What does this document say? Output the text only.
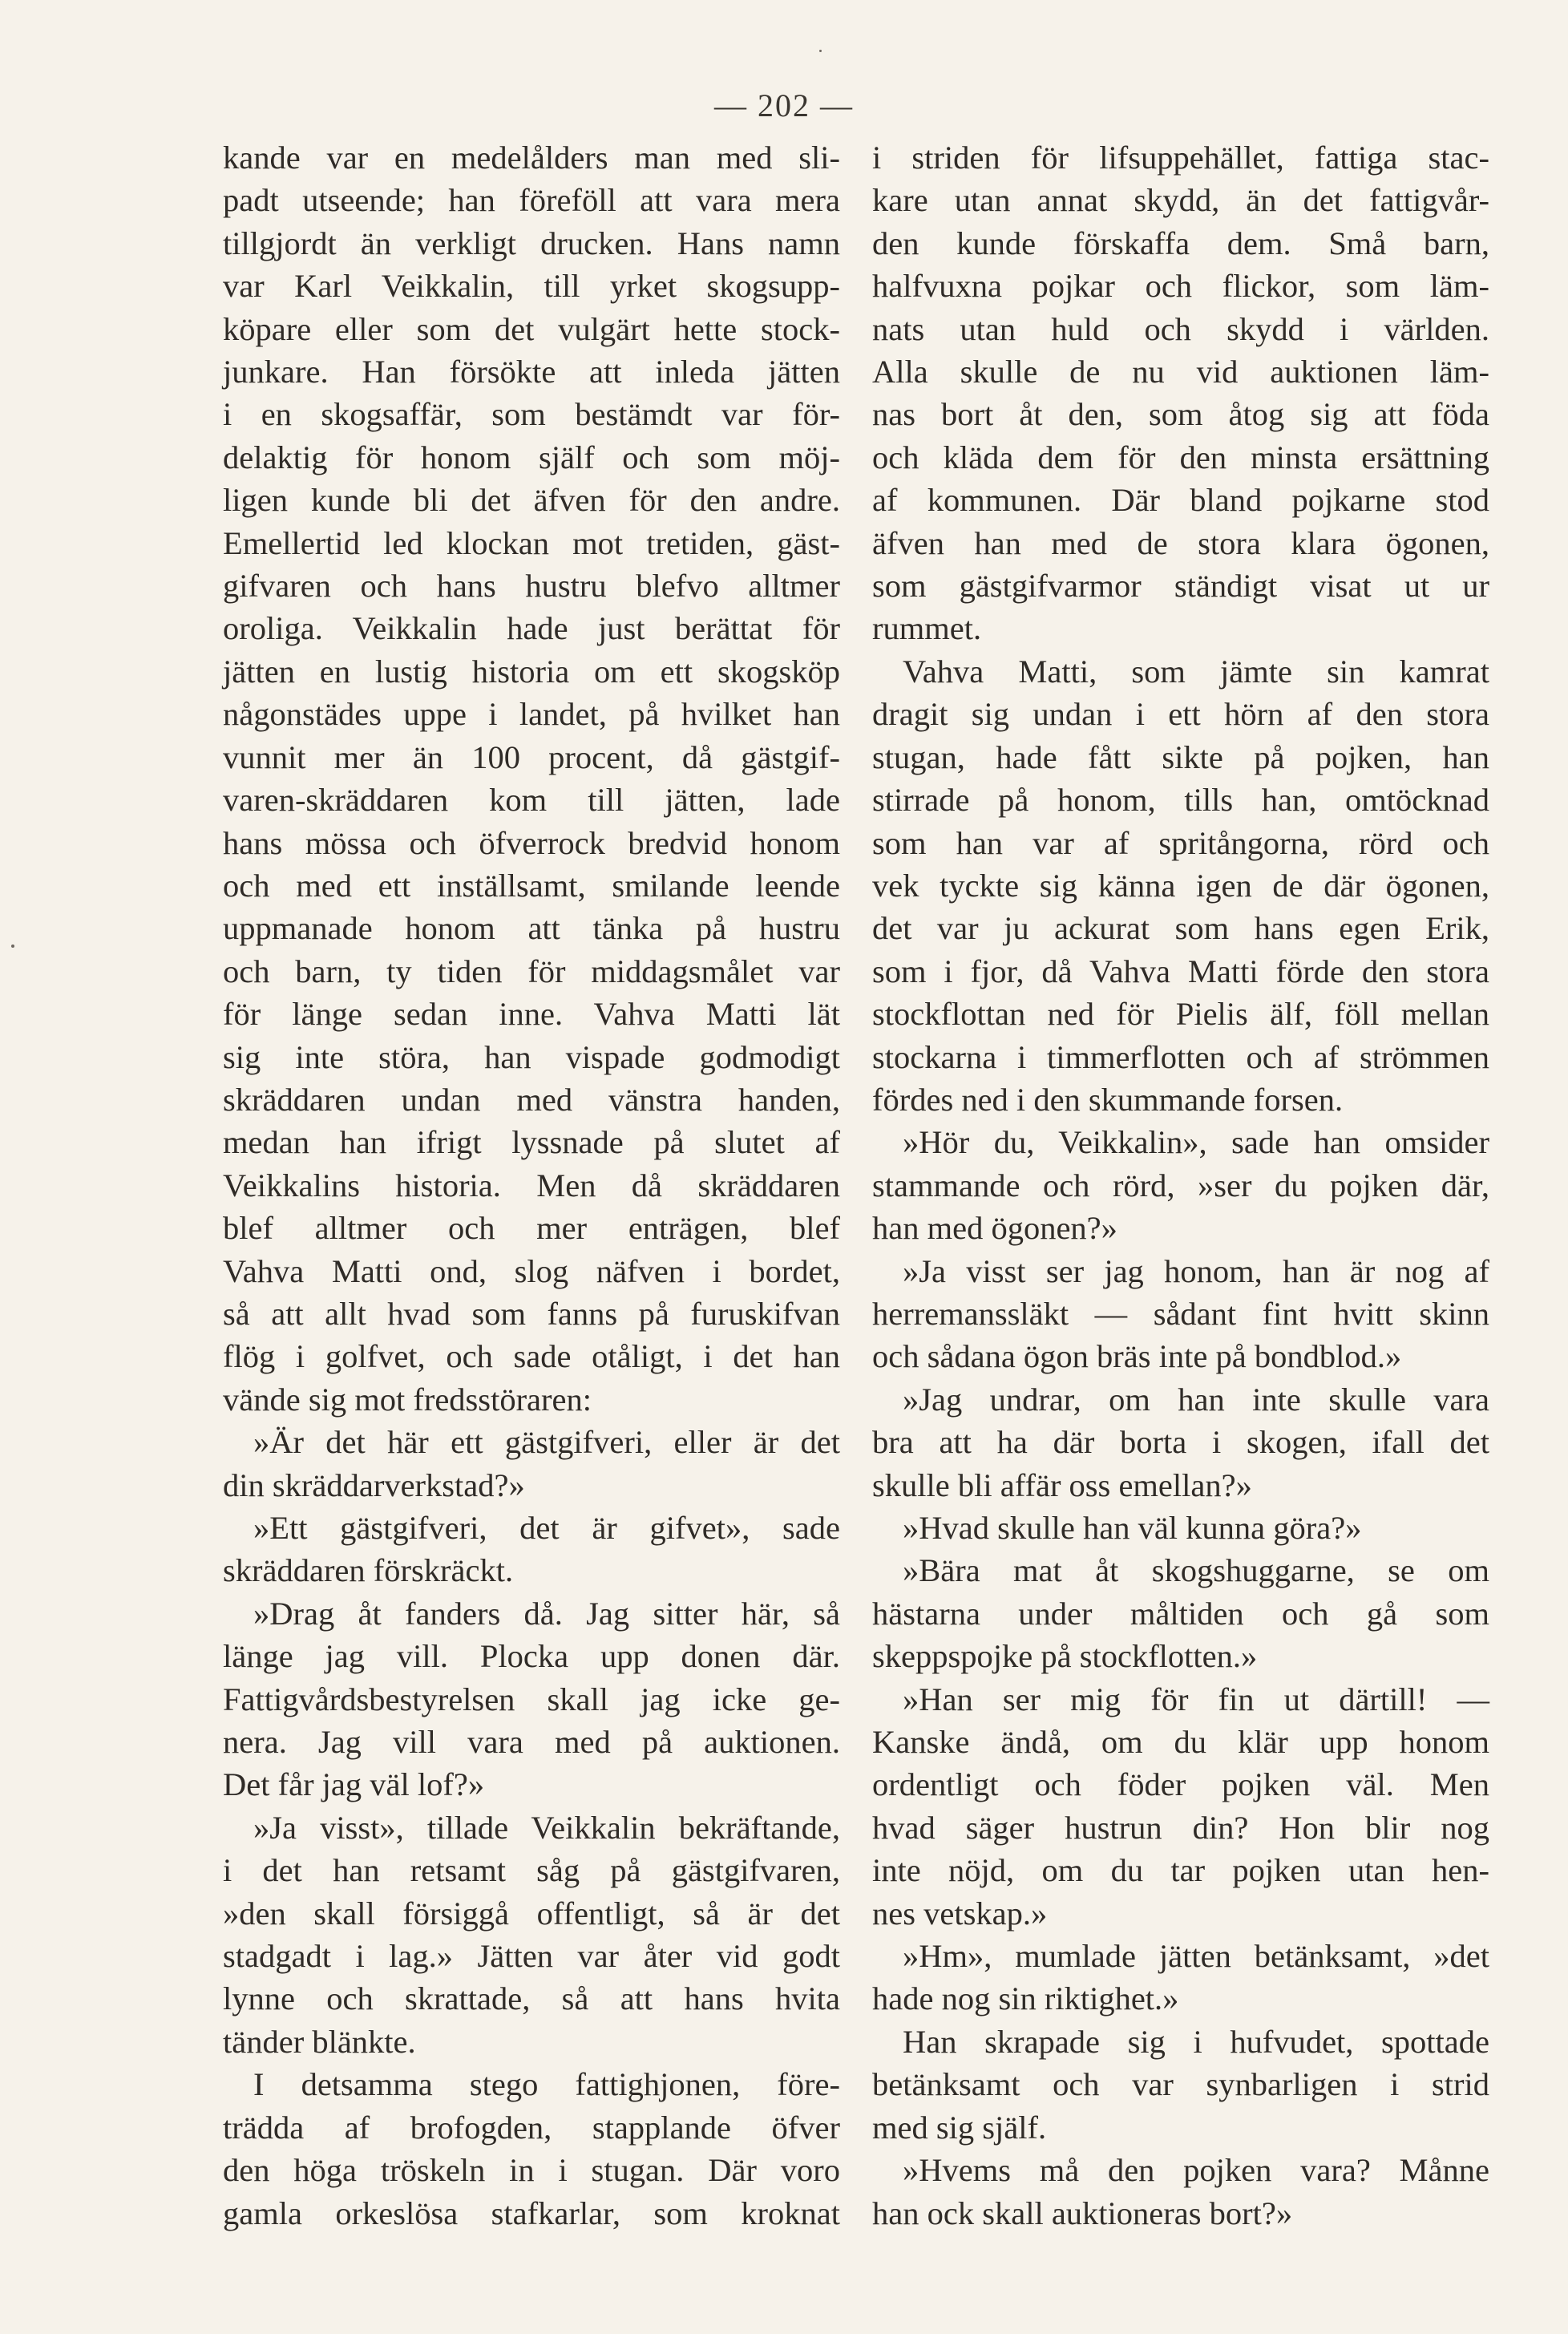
— 202 —
kande var en medelålders man med sli-
padt utseende; han föreföll att vara mera
tillgjordt än verkligt drucken. Hans namn
var Karl Veikkalin, till yrket skogsupp-
köpare eller som det vulgärt hette stock-
junkare. Han försökte att inleda jätten
i en skogsaffär, som bestämdt var för-
delaktig för honom själf och som möj-
ligen kunde bli det äfven för den andre.
Emellertid led klockan mot tretiden, gäst-
gifvaren och hans hustru blefvo alltmer
oroliga. Veikkalin hade just berättat för
jätten en lustig historia om ett skogsköp
någonstädes uppe i landet, på hvilket han
vunnit mer än 100 procent, då gästgif-
varen-skräddaren kom till jätten, lade
hans mössa och öfverrock bredvid honom
och med ett inställsamt, smilande leende
uppmanade honom att tänka på hustru
och barn, ty tiden för middagsmålet var
för länge sedan inne. Vahva Matti lät
sig inte störa, han vispade godmodigt
skräddaren undan med vänstra handen,
medan han ifrigt lyssnade på slutet af
Veikkalins historia. Men då skräddaren
blef alltmer och mer enträgen, blef
Vahva Matti ond, slog näfven i bordet,
så att allt hvad som fanns på furuskifvan
flög i golfvet, och sade otåligt, i det han
vände sig mot fredsstöraren:
»Är det här ett gästgifveri, eller är det
din skräddarverkstad?»
»Ett gästgifveri, det är gifvet», sade
skräddaren förskräckt.
»Drag åt fanders då. Jag sitter här, så
länge jag vill. Plocka upp donen där.
Fattigvårdsbestyrelsen skall jag icke ge-
nera. Jag vill vara med på auktionen.
Det får jag väl lof?»
»Ja visst», tillade Veikkalin bekräftande,
i det han retsamt såg på gästgifvaren,
»den skall försiggå offentligt, så är det
stadgadt i lag.» Jätten var åter vid godt
lynne och skrattade, så att hans hvita
tänder blänkte.
I detsamma stego fattighjonen, före-
trädda af brofogden, stapplande öfver
den höga tröskeln in i stugan. Där voro
gamla orkeslösa stafkarlar, som kroknat
i striden för lifsuppehället, fattiga stac-
kare utan annat skydd, än det fattigvår-
den kunde förskaffa dem. Små barn,
halfvuxna pojkar och flickor, som läm-
nats utan huld och skydd i världen.
Alla skulle de nu vid auktionen läm-
nas bort åt den, som åtog sig att föda
och kläda dem för den minsta ersättning
af kommunen. Där bland pojkarne stod
äfven han med de stora klara ögonen,
som gästgifvarmor ständigt visat ut ur
rummet.
Vahva Matti, som jämte sin kamrat
dragit sig undan i ett hörn af den stora
stugan, hade fått sikte på pojken, han
stirrade på honom, tills han, omtöcknad
som han var af spritångorna, rörd och
vek tyckte sig känna igen de där ögonen,
det var ju ackurat som hans egen Erik,
som i fjor, då Vahva Matti förde den stora
stockflottan ned för Pielis älf, föll mellan
stockarna i timmerflotten och af strömmen
fördes ned i den skummande forsen.
»Hör du, Veikkalin», sade han omsider
stammande och rörd, »ser du pojken där,
han med ögonen?»
»Ja visst ser jag honom, han är nog af
herremanssläkt — sådant fint hvitt skinn
och sådana ögon bräs inte på bondblod.»
»Jag undrar, om han inte skulle vara
bra att ha där borta i skogen, ifall det
skulle bli affär oss emellan?»
»Hvad skulle han väl kunna göra?»
»Bära mat åt skogshuggarne, se om
hästarna under måltiden och gå som
skeppspojke på stockflotten.»
»Han ser mig för fin ut därtill! —
Kanske ändå, om du klär upp honom
ordentligt och föder pojken väl. Men
hvad säger hustrun din? Hon blir nog
inte nöjd, om du tar pojken utan hen-
nes vetskap.»
»Hm», mumlade jätten betänksamt, »det
hade nog sin riktighet.»
Han skrapade sig i hufvudet, spottade
betänksamt och var synbarligen i strid
med sig själf.
»Hvems må den pojken vara? Månne
han ock skall auktioneras bort?»
